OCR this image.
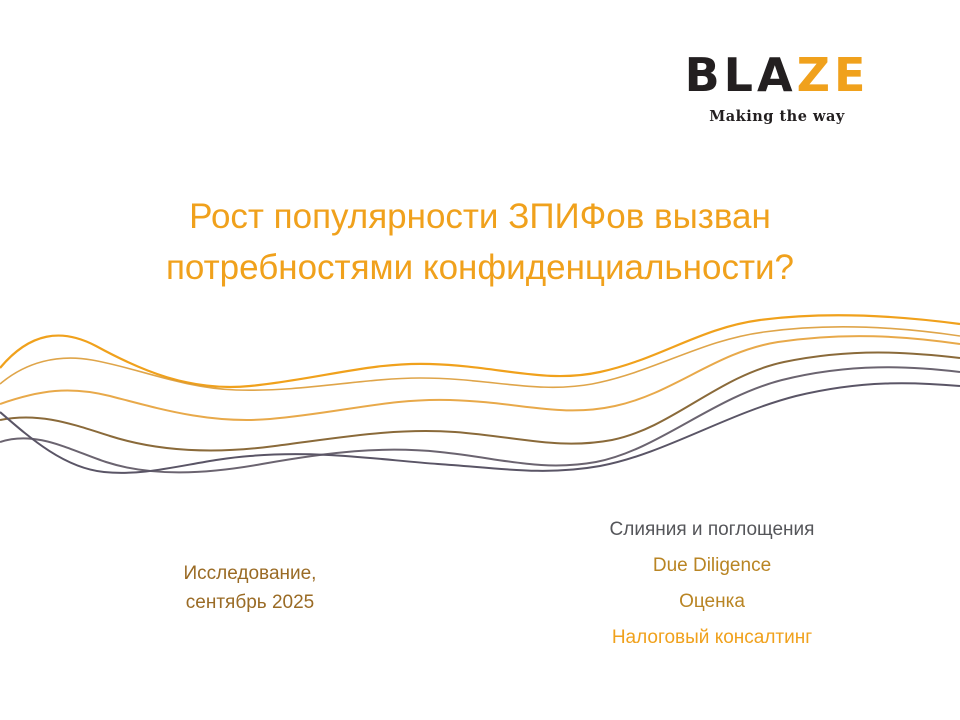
BLAZE
Making the way
Рост популярности ЗПИФов вызван
потребностями конфиденциальности?
Исследование,
сентябрь 2025
Слияния и поглощения
Due Diligence
Оценка
Налоговый консалтинг
